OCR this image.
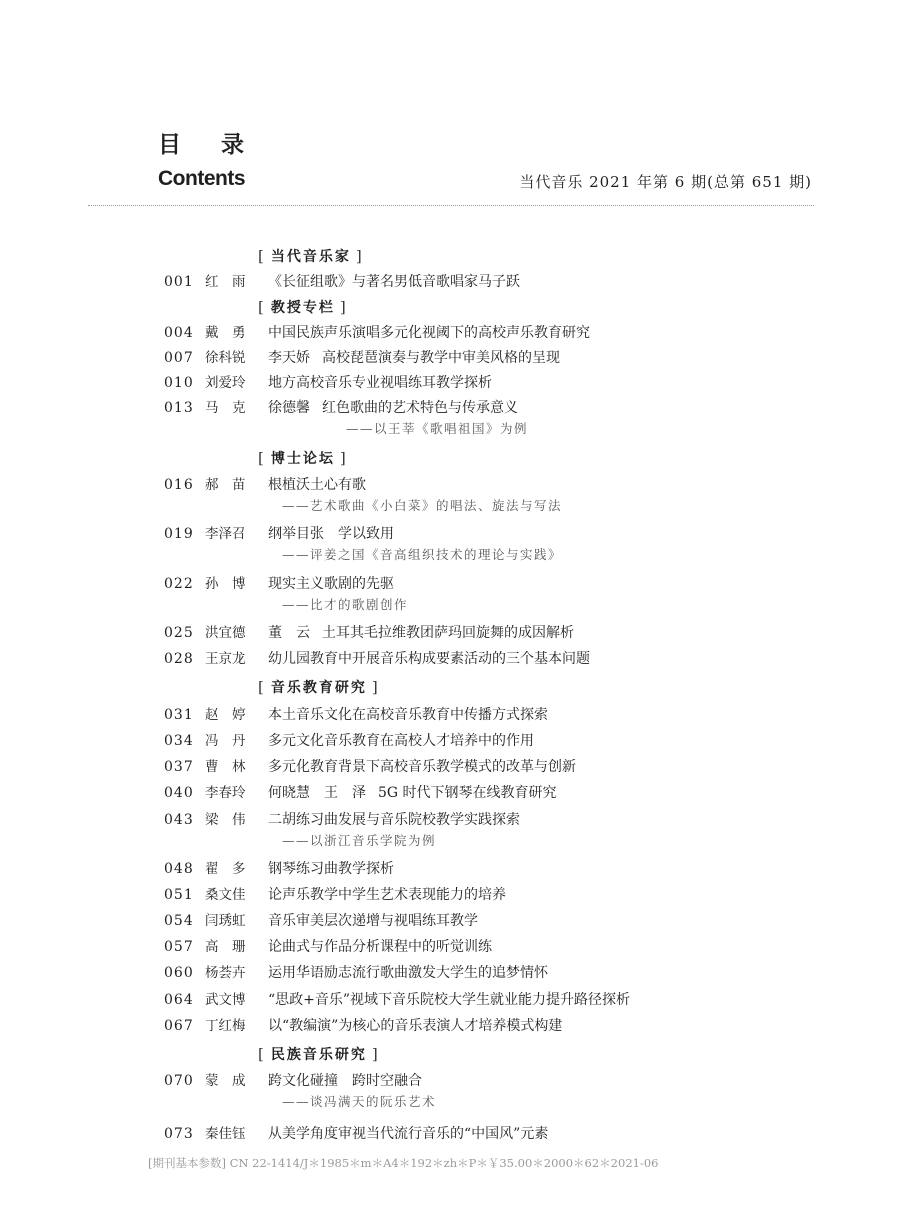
目 录
Contents	当代音乐 2021 年第 6 期(总第 651 期)
[ 当代音乐家 ]
001 红　雨	《长征组歌》与著名男低音歌唱家马子跃
[ 教授专栏 ]
004 戴　勇	中国民族声乐演唱多元化视阈下的高校声乐教育研究
007 徐科锐	李天娇 高校琵琶演奏与教学中审美风格的呈现
010 刘爱玲	地方高校音乐专业视唱练耳教学探析
013 马　克	徐德馨 红色歌曲的艺术特色与传承意义
——以王莘《歌唱祖国》为例
[ 博士论坛 ]
016 郝　苗	根植沃土心有歌
——艺术歌曲《小白菜》的唱法、旋法与写法
019 李泽召	纲举目张　学以致用
——评姜之国《音高组织技术的理论与实践》
022 孙　博	现实主义歌剧的先驱
——比才的歌剧创作
025 洪宜德	董　云 土耳其毛拉维教团萨玛回旋舞的成因解析
028 王京龙	幼儿园教育中开展音乐构成要素活动的三个基本问题
[ 音乐教育研究 ]
031 赵　婷	本土音乐文化在高校音乐教育中传播方式探索
034 冯　丹	多元文化音乐教育在高校人才培养中的作用
037 曹　林	多元化教育背景下高校音乐教学模式的改革与创新
040 李春玲	何晓慧　王　泽 5G 时代下钢琴在线教育研究
043 梁　伟	二胡练习曲发展与音乐院校教学实践探索
——以浙江音乐学院为例
048 翟　多	钢琴练习曲教学探析
051 桑文佳	论声乐教学中学生艺术表现能力的培养
054 闫琇虹	音乐审美层次递增与视唱练耳教学
057 高　珊	论曲式与作品分析课程中的听觉训练
060 杨荟卉	运用华语励志流行歌曲激发大学生的追梦情怀
064 武文博	“思政+音乐”视域下音乐院校大学生就业能力提升路径探析
067 丁红梅	以“教编演”为核心的音乐表演人才培养模式构建
[ 民族音乐研究 ]
070 蒙　成	跨文化碰撞　跨时空融合
——谈冯满天的阮乐艺术
073 秦佳钰	从美学角度审视当代流行音乐的“中国风”元素
[期刊基本参数] CN 22-1414/J＊1985＊m＊A4＊192＊zh＊P＊￥35.00＊2000＊62＊2021-06
